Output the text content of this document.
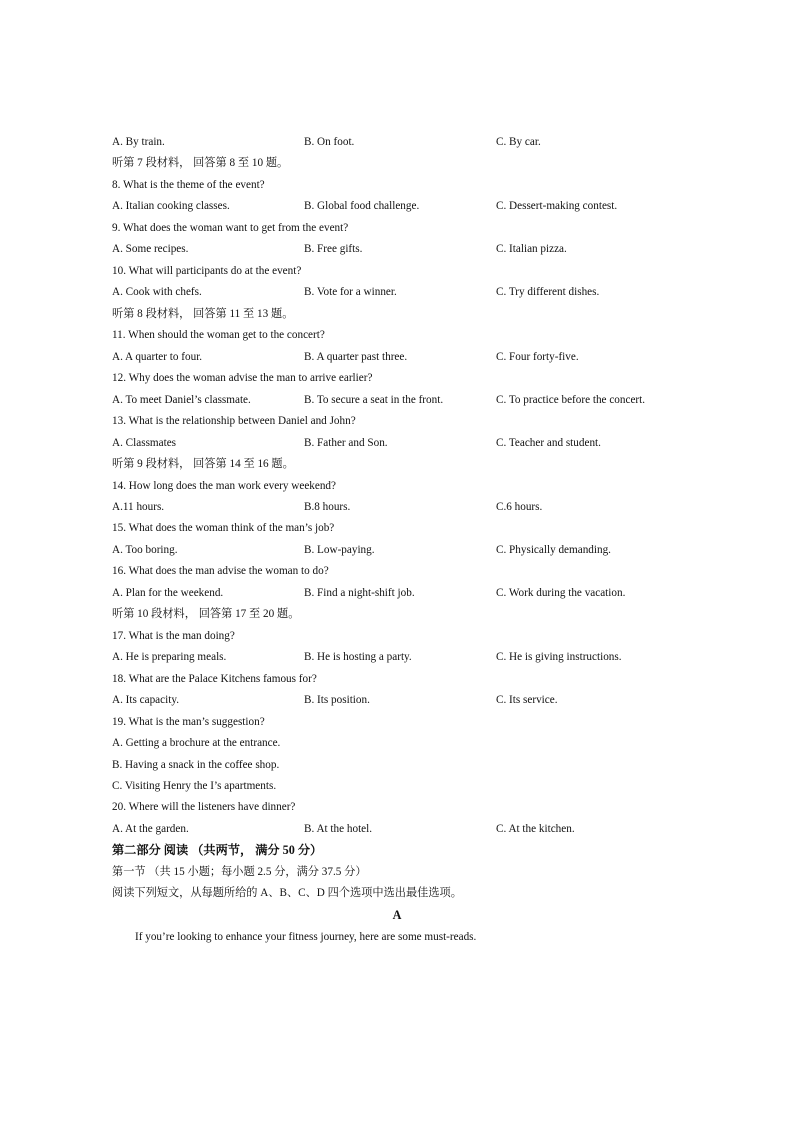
A. By train.	B. On foot.	C. By car.
听第 7 段材料， 回答第 8 至 10 题。
8. What is the theme of the event?
A. Italian cooking classes.	B. Global food challenge.	C. Dessert-making contest.
9. What does the woman want to get from the event?
A. Some recipes.	B. Free gifts.	C. Italian pizza.
10. What will participants do at the event?
A. Cook with chefs.	B. Vote for a winner.	C. Try different dishes.
听第 8 段材料， 回答第 11 至 13 题。
11. When should the woman get to the concert?
A. A quarter to four.	B. A quarter past three.	C. Four forty-five.
12. Why does the woman advise the man to arrive earlier?
A. To meet Daniel’s classmate.	B. To secure a seat in the front.	C. To practice before the concert.
13. What is the relationship between Daniel and John?
A. Classmates	B. Father and Son.	C. Teacher and student.
听第 9 段材料， 回答第 14 至 16 题。
14. How long does the man work every weekend?
A.11 hours.	B.8 hours.	C.6 hours.
15. What does the woman think of the man’s job?
A. Too boring.	B. Low-paying.	C. Physically demanding.
16. What does the man advise the woman to do?
A. Plan for the weekend.	B. Find a night-shift job.	C. Work during the vacation.
听第 10 段材料， 回答第 17 至 20 题。
17. What is the man doing?
A. He is preparing meals.	B. He is hosting a party.	C. He is giving instructions.
18. What are the Palace Kitchens famous for?
A. Its capacity.	B. Its position.	C. Its service.
19. What is the man’s suggestion?
A. Getting a brochure at the entrance.
B. Having a snack in the coffee shop.
C. Visiting Henry the I’s apartments.
20. Where will the listeners have dinner?
A. At the garden.	B. At the hotel.	C. At the kitchen.
第二部分 阅读 （共两节， 满分 50 分）
第一节 （共 15 小题；每小题 2.5 分，满分 37.5 分）
阅读下列短文，从每题所给的 A、B、C、D 四个选项中选出最佳选项。
A
If you’re looking to enhance your fitness journey, here are some must-reads.
